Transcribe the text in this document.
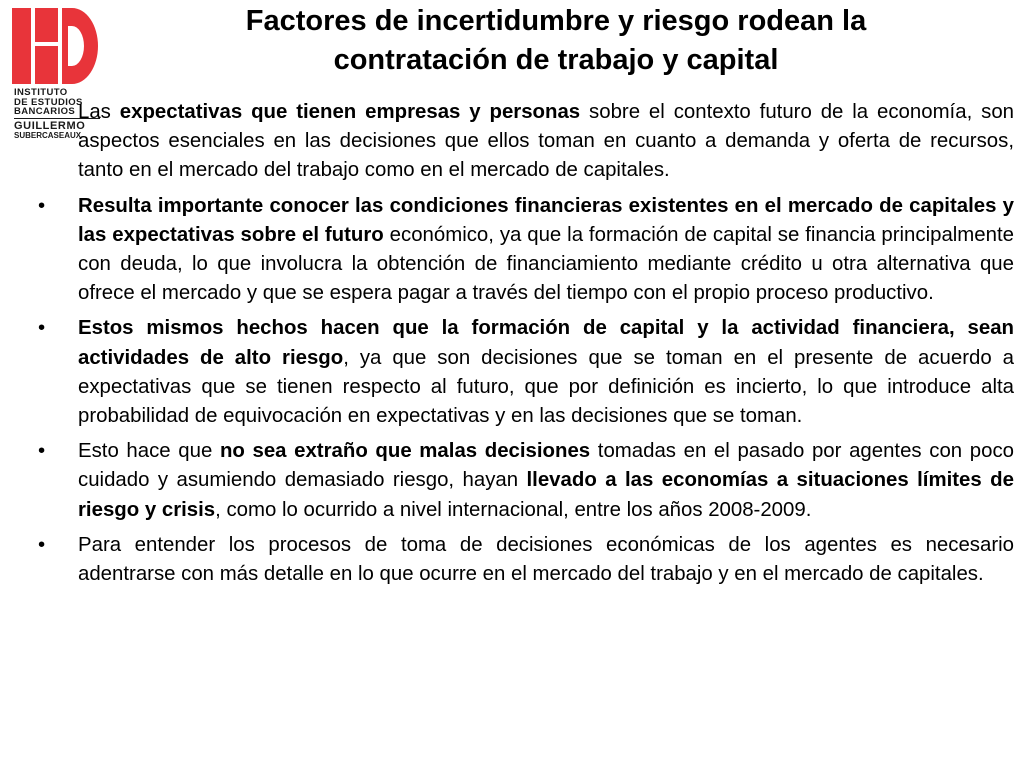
INSTITUTO
DE ESTUDIOS
BANCARIOS
GUILLERMO
SUBERCASEAUX
Factores de incertidumbre y riesgo rodean la contratación de trabajo y capital
Las expectativas que tienen empresas y personas sobre el contexto futuro de la economía, son aspectos esenciales en las decisiones que ellos toman en cuanto a demanda y oferta de recursos, tanto en el mercado del trabajo como en el mercado de capitales.
• Resulta importante conocer las condiciones financieras existentes en el mercado de capitales y las expectativas sobre el futuro económico, ya que la formación de capital se financia principalmente con deuda, lo que involucra la obtención de financiamiento mediante crédito u otra alternativa que ofrece el mercado y que se espera pagar a través del tiempo con el propio proceso productivo.
• Estos mismos hechos hacen que la formación de capital y la actividad financiera, sean actividades de alto riesgo, ya que son decisiones que se toman en el presente de acuerdo a expectativas que se tienen respecto al futuro, que por definición es incierto, lo que introduce alta probabilidad de equivocación en expectativas y en las decisiones que se toman.
• Esto hace que no sea extraño que malas decisiones tomadas en el pasado por agentes con poco cuidado y asumiendo demasiado riesgo, hayan llevado a las economías a situaciones límites de riesgo y crisis, como lo ocurrido a nivel internacional, entre los años 2008-2009.
• Para entender los procesos de toma de decisiones económicas de los agentes es necesario adentrarse con más detalle en lo que ocurre en el mercado del trabajo y en el mercado de capitales.
